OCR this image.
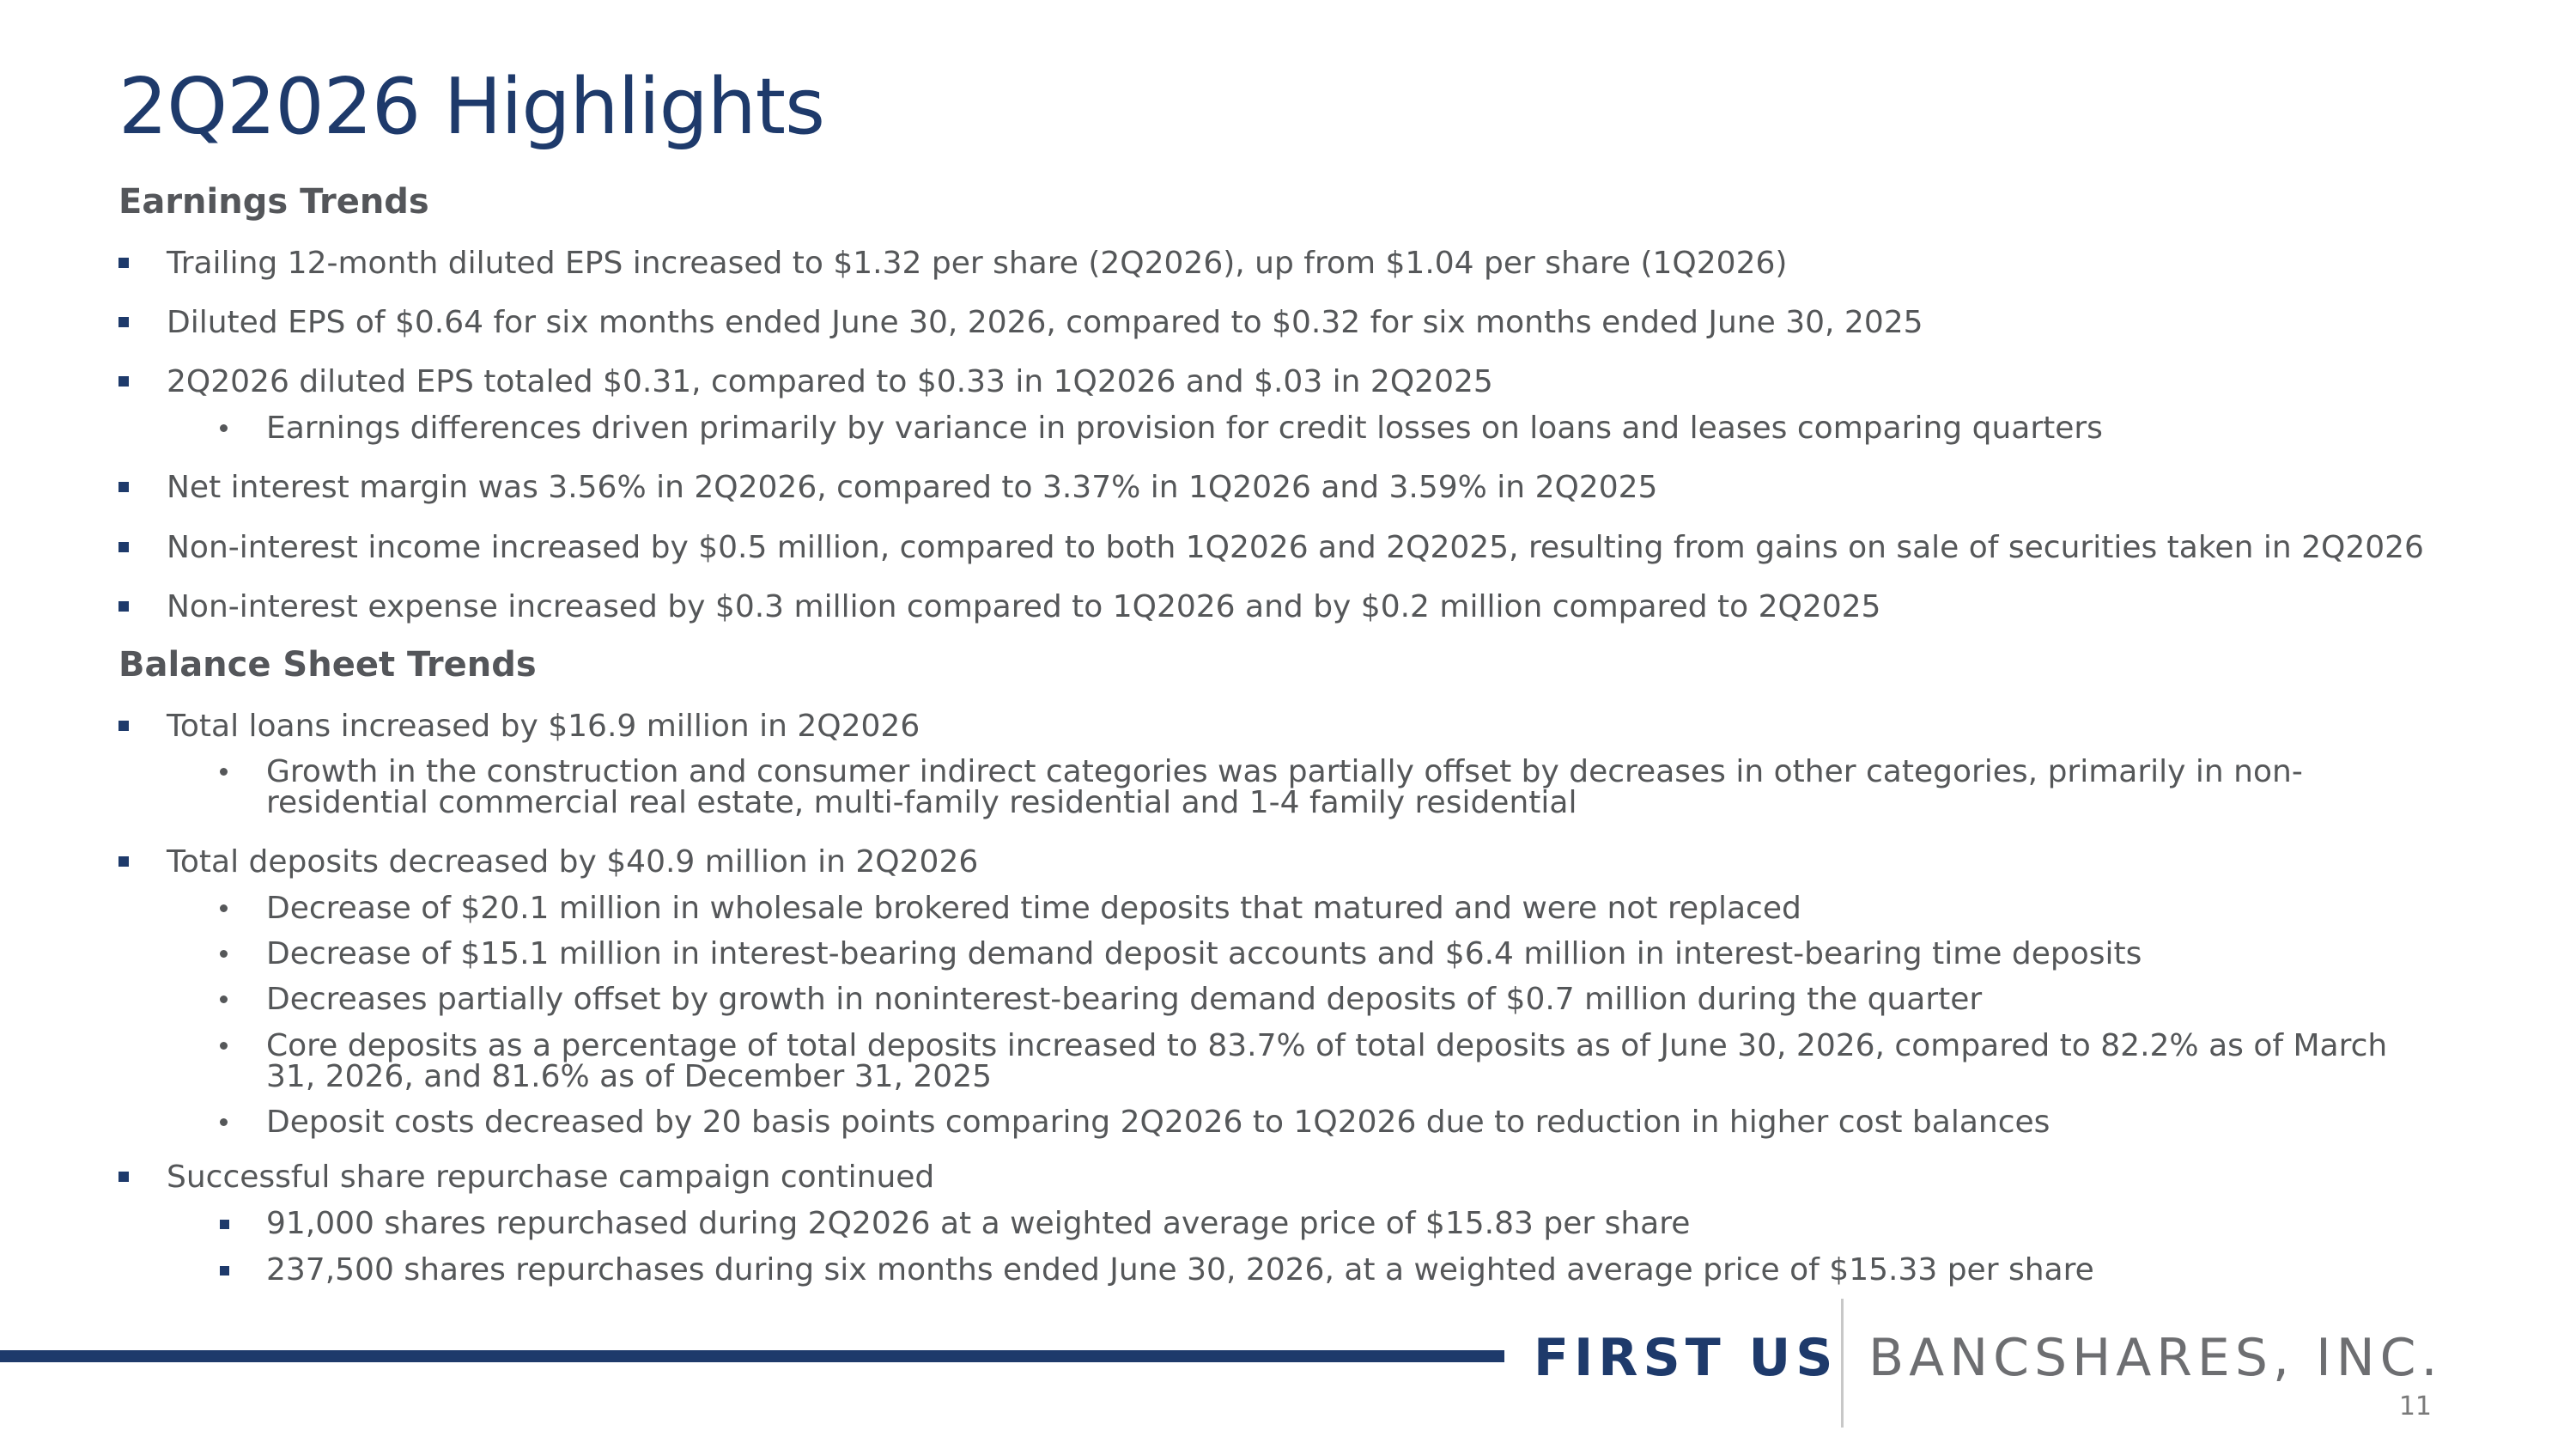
2Q2026 Highlights
Earnings Trends
Trailing 12-month diluted EPS increased to $1.32 per share (2Q2026), up from $1.04 per share (1Q2026)
Diluted EPS of $0.64 for six months ended June 30, 2026, compared to $0.32 for six months ended June 30, 2025
2Q2026 diluted EPS totaled $0.31, compared to $0.33 in 1Q2026 and $.03 in 2Q2025
Earnings differences driven primarily by variance in provision for credit losses on loans and leases comparing quarters
Net interest margin was 3.56% in 2Q2026, compared to 3.37% in 1Q2026 and 3.59% in 2Q2025
Non-interest income increased by $0.5 million, compared to both 1Q2026 and 2Q2025, resulting from gains on sale of securities taken in 2Q2026
Non-interest expense increased by $0.3 million compared to 1Q2026 and by $0.2 million compared to 2Q2025
Balance Sheet Trends
Total loans increased by $16.9 million in 2Q2026
Growth in the construction and consumer indirect categories was partially offset by decreases in other categories, primarily in non-residential commercial real estate, multi-family residential and 1-4 family residential
Total deposits decreased by $40.9 million in 2Q2026
Decrease of $20.1 million in wholesale brokered time deposits that matured and were not replaced
Decrease of $15.1 million in interest-bearing demand deposit accounts and $6.4 million in interest-bearing time deposits
Decreases partially offset by growth in noninterest-bearing demand deposits of $0.7 million during the quarter
Core deposits as a percentage of total deposits increased to 83.7% of total deposits as of June 30, 2026, compared to 82.2% as of March 31, 2026, and 81.6% as of December 31, 2025
Deposit costs decreased by 20 basis points comparing 2Q2026 to 1Q2026 due to reduction in higher cost balances
Successful share repurchase campaign continued
91,000 shares repurchased during 2Q2026 at a weighted average price of $15.83 per share
237,500 shares repurchases during six months ended June 30, 2026, at a weighted average price of $15.33 per share
FIRST US BANCSHARES, INC.
11
